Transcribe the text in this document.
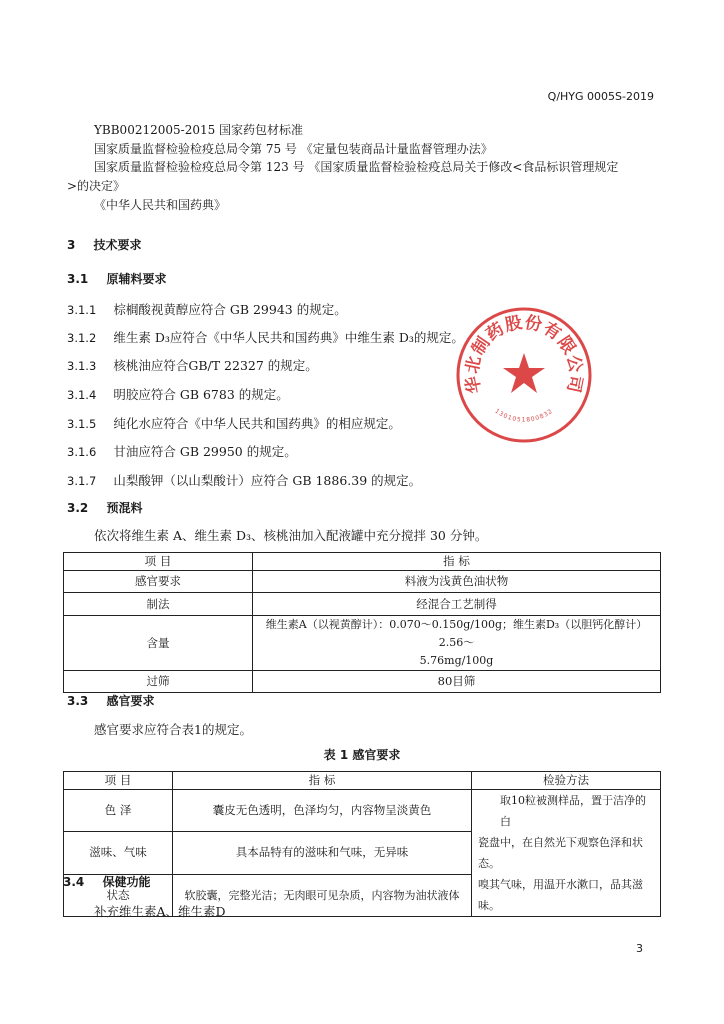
Q/HYG 0005S-2019
YBB00212005-2015 国家药包材标准
国家质量监督检验检疫总局令第 75 号 《定量包装商品计量监督管理办法》
国家质量监督检验检疫总局令第 123 号 《国家质量监督检验检疫总局关于修改<食品标识管理规定
>的决定》
《中华人民共和国药典》
3 技术要求
3.1 原辅料要求
3.1.1 棕榈酸视黄醇应符合 GB 29943 的规定。
3.1.2 维生素 D₃应符合《中华人民共和国药典》中维生素 D₃的规定。
3.1.3 核桃油应符合GB/T 22327 的规定。
3.1.4 明胶应符合 GB 6783 的规定。
3.1.5 纯化水应符合《中华人民共和国药典》的相应规定。
3.1.6 甘油应符合 GB 29950 的规定。
3.1.7 山梨酸钾（以山梨酸计）应符合 GB 1886.39 的规定。
3.2 预混料
依次将维生素 A、维生素 D₃、核桃油加入配液罐中充分搅拌 30 分钟。
项 目	指 标
感官要求	料液为浅黄色油状物
制法	经混合工艺制得
含量	维生素A（以视黄醇计）：0.070～0.150g/100g；维生素D₃（以胆钙化醇计）2.56～
5.76mg/100g

过筛	80目筛
3.3 感官要求
感官要求应符合表1的规定。
表 1 感官要求
项 目	指 标	检验方法
色 泽	囊皮无色透明，色泽均匀，内容物呈淡黄色	取10粒被测样品，置于洁净的白
瓷盘中，在自然光下观察色泽和状态。
嗅其气味，用温开水漱口，品其滋味。

滋味、气味	具本品特有的滋味和气味，无异味	
状态	软胶囊，完整光洁；无肉眼可见杂质，内容物为油状液体	
3.4 保健功能
补充维生素A、维生素D
3
华北制药股份有限公司
1301051800832
